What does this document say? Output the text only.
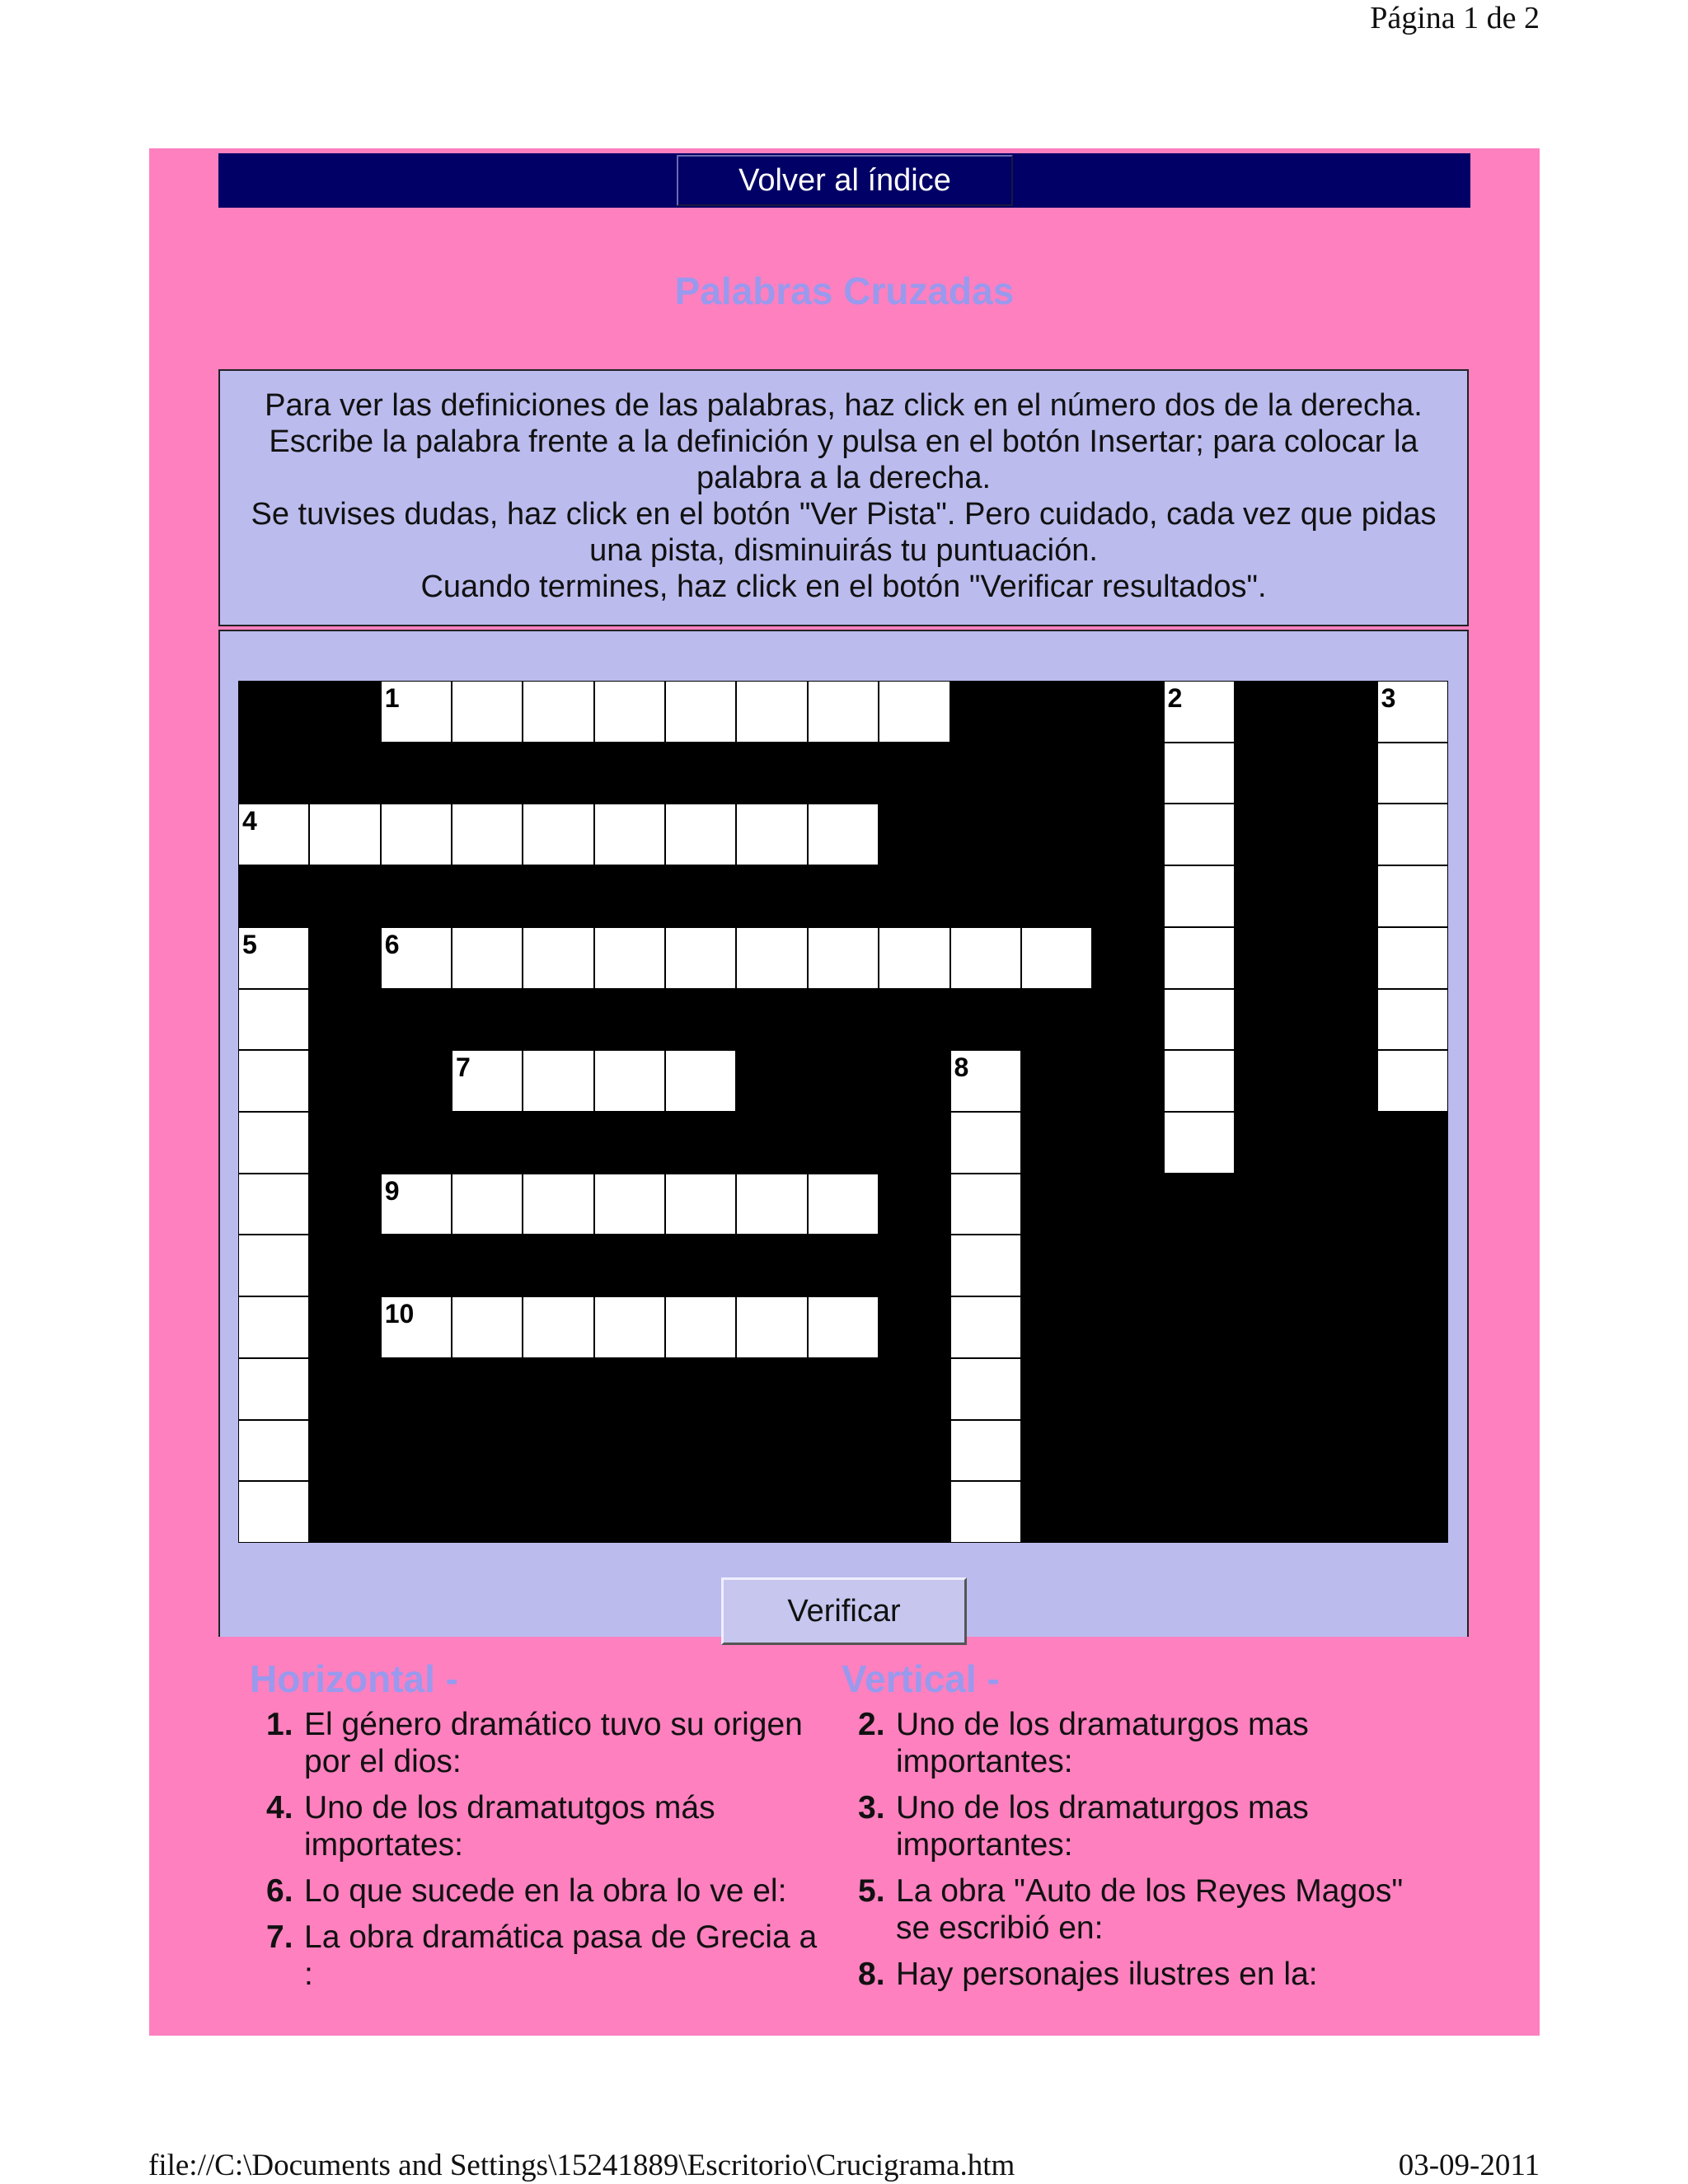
Página 1 de 2
Volver al índice
Palabras Cruzadas

Para ver las definiciones de las palabras, haz click en el número dos de la derecha. Escribe la palabra frente a la definición y pulsa en el botón Insertar; para colocar la palabra a la derecha.

Se tuvises dudas, haz click en el botón "Ver Pista". Pero cuidado, cada vez que pidas una pista, disminuirás tu puntuación.

Cuando termines, haz click en el botón "Verificar resultados".

1	2	3
4
5	6
7	8
9
10
Verificar
Horizontal -
1. El género dramático tuvo su origen por el dios:
4. Uno de los dramatutgos más importates:
6. Lo que sucede en la obra lo ve el:
7. La obra dramática pasa de Grecia a :
Vertical -
2. Uno de los dramaturgos mas importantes:
3. Uno de los dramaturgos mas importantes:
5. La obra "Auto de los Reyes Magos" se escribió en:
8. Hay personajes ilustres en la:
file://C:\Documents and Settings\15241889\Escritorio\Crucigrama.htm	03-09-2011
